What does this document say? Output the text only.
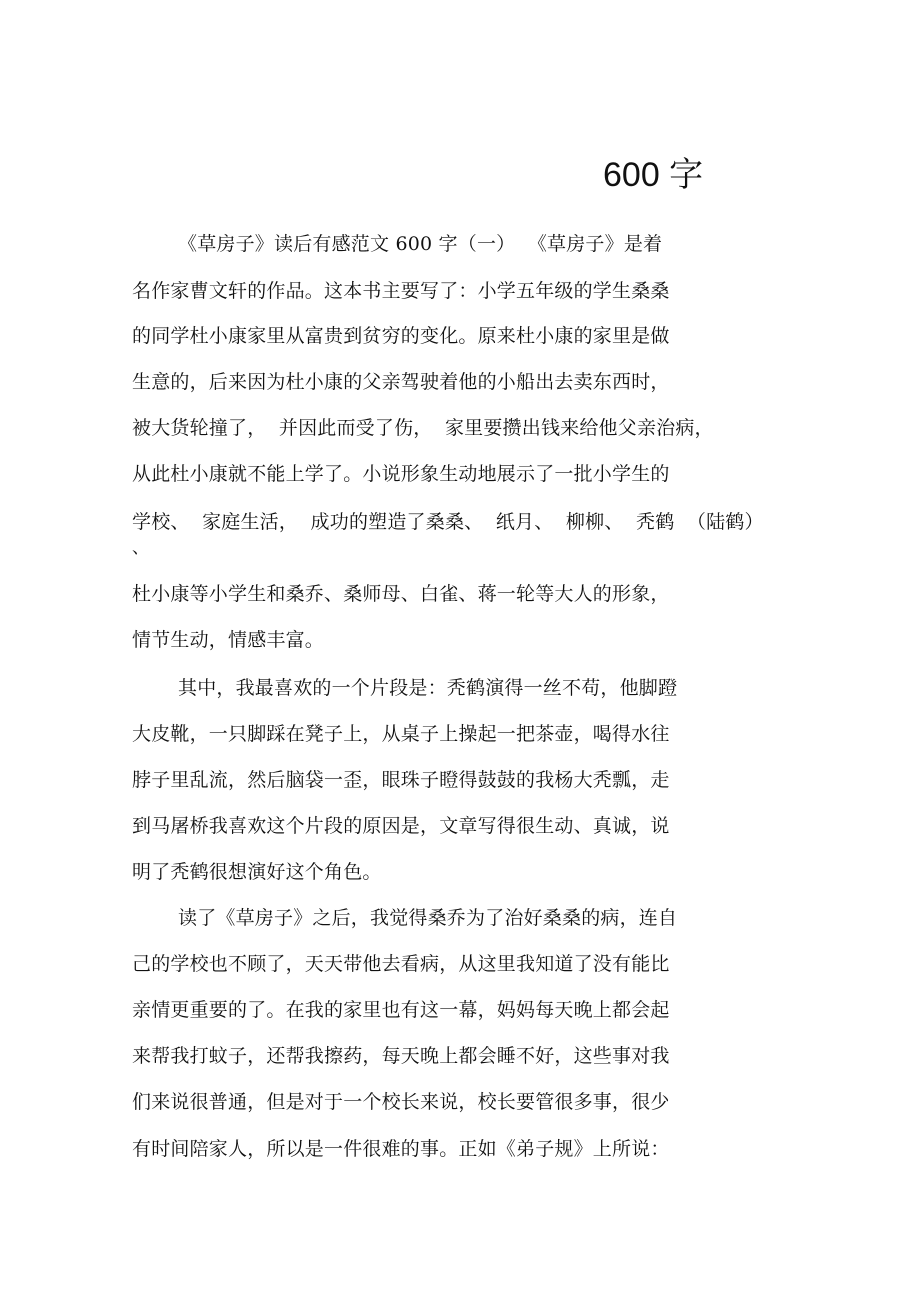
600 字
《草房子》读后有感范文 600 字（一）  《草房子》是着
名作家曹文轩的作品。这本书主要写了：小学五年级的学生桑桑
的同学杜小康家里从富贵到贫穷的变化。原来杜小康的家里是做
生意的，后来因为杜小康的父亲驾驶着他的小船出去卖东西时，
被大货轮撞了，  并因此而受了伤，  家里要攒出钱来给他父亲治病，
从此杜小康就不能上学了。小说形象生动地展示了一批小学生的
学校、  家庭生活，  成功的塑造了桑桑、  纸月、  柳柳、  秃鹤  （陆鹤）
、
杜小康等小学生和桑乔、桑师母、白雀、蒋一轮等大人的形象，
情节生动，情感丰富。
其中，我最喜欢的一个片段是：秃鹤演得一丝不苟，他脚蹬
大皮靴，一只脚踩在凳子上，从桌子上操起一把茶壶，喝得水往
脖子里乱流，然后脑袋一歪，眼珠子瞪得鼓鼓的我杨大秃瓢，走
到马屠桥我喜欢这个片段的原因是，文章写得很生动、真诚，说
明了秃鹤很想演好这个角色。
读了《草房子》之后，我觉得桑乔为了治好桑桑的病，连自
己的学校也不顾了，天天带他去看病，从这里我知道了没有能比
亲情更重要的了。在我的家里也有这一幕，妈妈每天晚上都会起
来帮我打蚊子，还帮我擦药，每天晚上都会睡不好，这些事对我
们来说很普通，但是对于一个校长来说，校长要管很多事，很少
有时间陪家人，所以是一件很难的事。正如《弟子规》上所说：
